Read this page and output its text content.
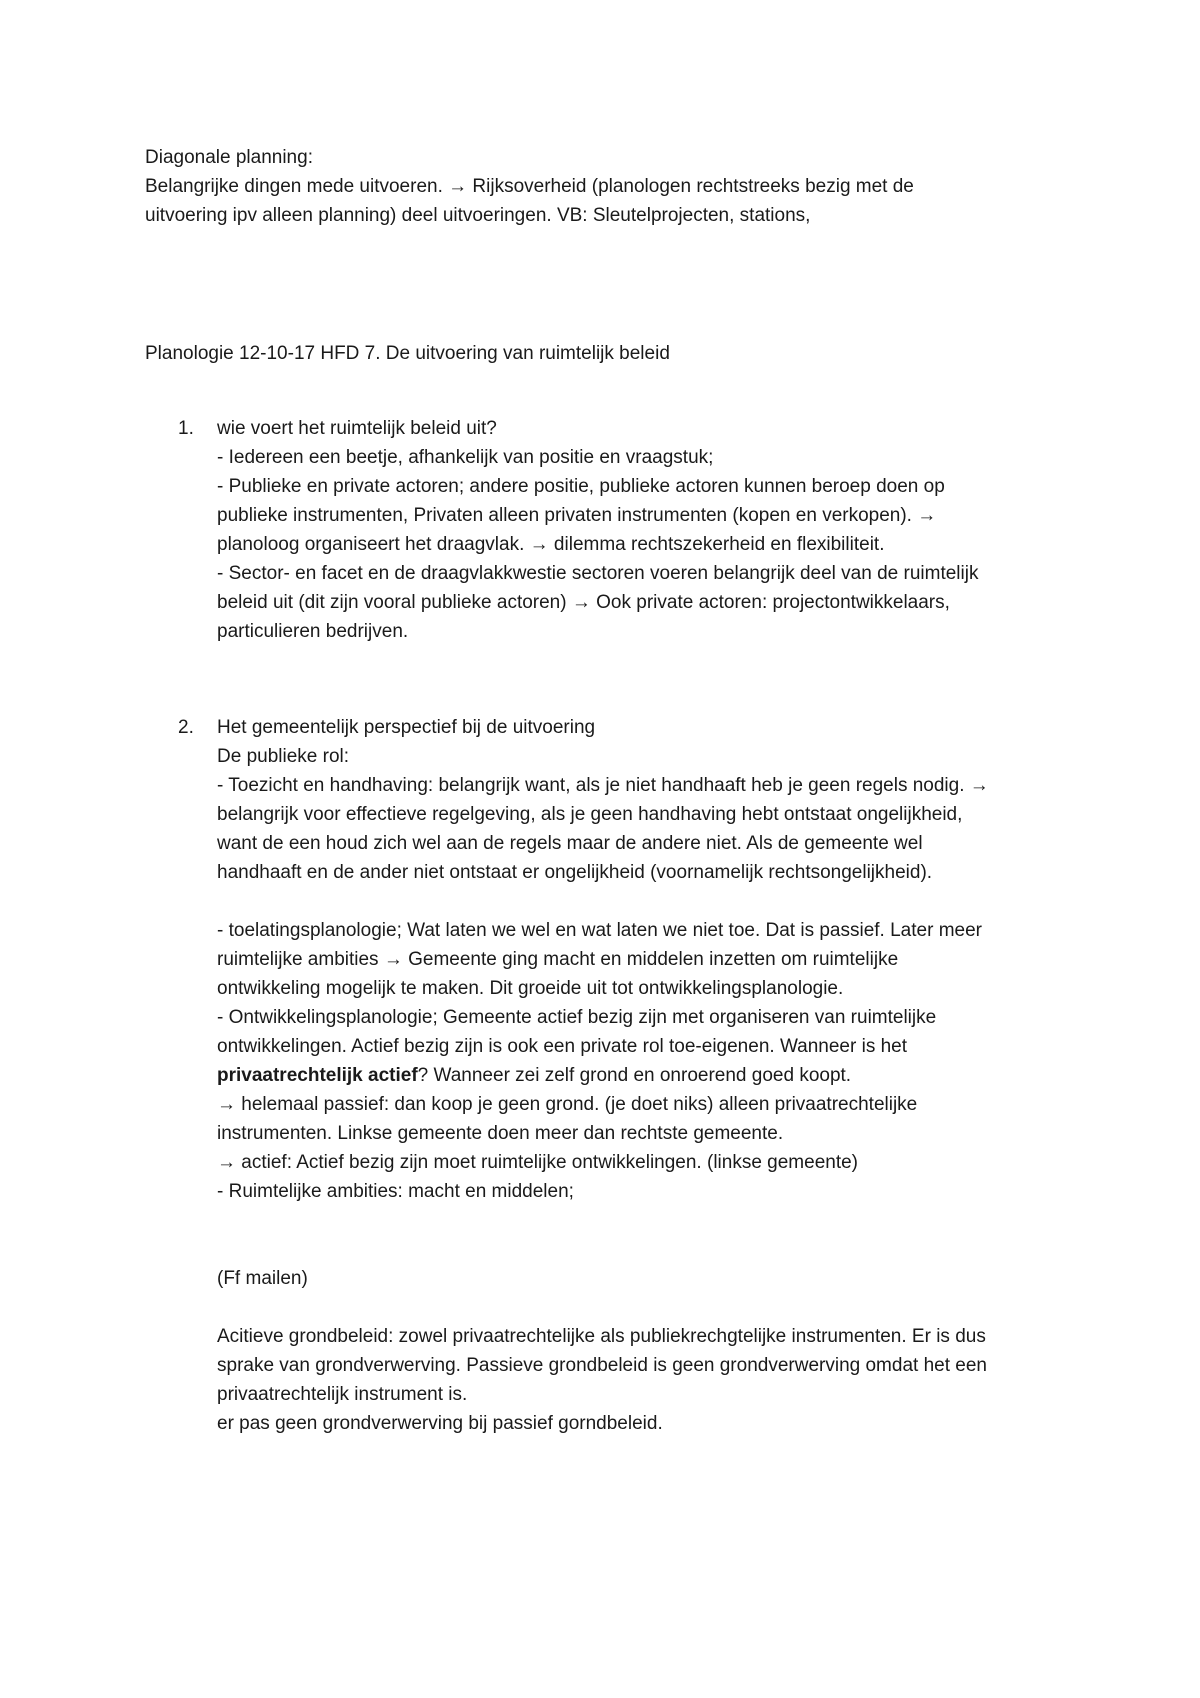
Diagonale planning:
Belangrijke dingen mede uitvoeren. → Rijksoverheid (planologen rechtstreeks bezig met de
uitvoering ipv alleen planning) deel uitvoeringen. VB: Sleutelprojecten, stations,
Planologie 12-10-17 HFD 7. De uitvoering van ruimtelijk beleid
1. wie voert het ruimtelijk beleid uit?
- Iedereen een beetje, afhankelijk van positie en vraagstuk;
- Publieke en private actoren; andere positie, publieke actoren kunnen beroep doen op
publieke instrumenten, Privaten alleen privaten instrumenten (kopen en verkopen). →
planoloog organiseert het draagvlak. → dilemma rechtszekerheid en flexibiliteit.
- Sector- en facet en de draagvlakkwestie sectoren voeren belangrijk deel van de ruimtelijk
beleid uit (dit zijn vooral publieke actoren) → Ook private actoren: projectontwikkelaars,
particulieren bedrijven.
2. Het gemeentelijk perspectief bij de uitvoering
De publieke rol:
- Toezicht en handhaving: belangrijk want, als je niet handhaaft heb je geen regels nodig. →
belangrijk voor effectieve regelgeving, als je geen handhaving hebt ontstaat ongelijkheid,
want de een houd zich wel aan de regels maar de andere niet. Als de gemeente wel
handhaaft en de ander niet ontstaat er ongelijkheid (voornamelijk rechtsongelijkheid).
- toelatingsplanologie; Wat laten we wel en wat laten we niet toe. Dat is passief. Later meer
ruimtelijke ambities → Gemeente ging macht en middelen inzetten om ruimtelijke
ontwikkeling mogelijk te maken. Dit groeide uit tot ontwikkelingsplanologie.
- Ontwikkelingsplanologie; Gemeente actief bezig zijn met organiseren van ruimtelijke
ontwikkelingen. Actief bezig zijn is ook een private rol toe-eigenen. Wanneer is het
privaatrechtelijk actief? Wanneer zei zelf grond en onroerend goed koopt.
→ helemaal passief: dan koop je geen grond. (je doet niks) alleen privaatrechtelijke
instrumenten. Linkse gemeente doen meer dan rechtste gemeente.
→ actief: Actief bezig zijn moet ruimtelijke ontwikkelingen. (linkse gemeente)
- Ruimtelijke ambities: macht en middelen;
(Ff mailen)
Acitieve grondbeleid: zowel privaatrechtelijke als publiekrechgtelijke instrumenten. Er is dus
sprake van grondverwerving. Passieve grondbeleid is geen grondverwerving omdat het een
privaatrechtelijk instrument is.
er pas geen grondverwerving bij passief gorndbeleid.
